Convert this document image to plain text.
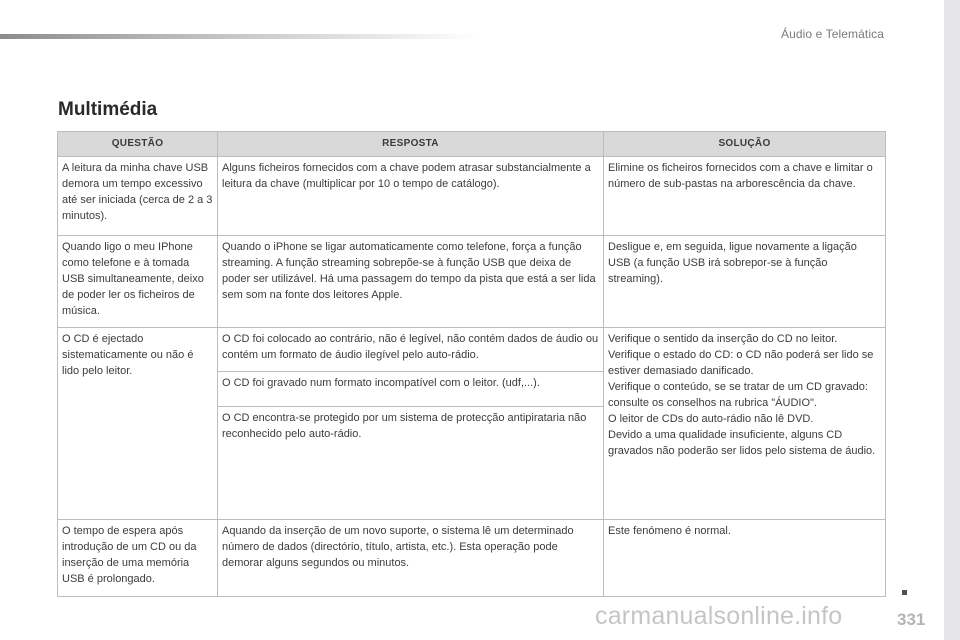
Áudio e Telemática
Multimédia
QUESTÃO	RESPOSTA	SOLUÇÃO
A leitura da minha chave USB demora um tempo excessivo até ser iniciada (cerca de 2 a 3 minutos).	Alguns ficheiros fornecidos com a chave podem atrasar substancialmente a leitura da chave (multiplicar por 10 o tempo de catálogo).	Elimine os ficheiros fornecidos com a chave e limitar o número de sub-pastas na arborescência da chave.
Quando ligo o meu IPhone como telefone e à tomada USB simultaneamente, deixo de poder ler os ficheiros de música.	Quando o iPhone se ligar automaticamente como telefone, força a função streaming. A função streaming sobrepõe-se à função USB que deixa de poder ser utilizável. Há uma passagem do tempo da pista que está a ser lida sem som na fonte dos leitores Apple.	Desligue e, em seguida, ligue novamente a ligação USB (a função USB irá sobrepor-se à função streaming).
O CD é ejectado sistematicamente ou não é lido pelo leitor.	O CD foi colocado ao contrário, não é legível, não contém dados de áudio ou contém um formato de áudio ilegível pelo auto-rádio.	Verifique o sentido da inserção do CD no leitor.
Verifique o estado do CD: o CD não poderá ser lido se estiver demasiado danificado.
Verifique o conteúdo, se se tratar de um CD gravado: consulte os conselhos na rubrica "ÁUDIO".
O leitor de CDs do auto-rádio não lê DVD.
Devido a uma qualidade insuficiente, alguns CD gravados não poderão ser lidos pelo sistema de áudio.
	O CD foi gravado num formato incompatível com o leitor. (udf,...).	
	O CD encontra-se protegido por um sistema de protecção antipirataria não reconhecido pelo auto-rádio.	
O tempo de espera após introdução de um CD ou da inserção de uma memória USB é prolongado.	Aquando da inserção de um novo suporte, o sistema lê um determinado número de dados (directório, título, artista, etc.). Esta operação pode demorar alguns segundos ou minutos.	Este fenómeno é normal.
331
carmanualsonline.info
